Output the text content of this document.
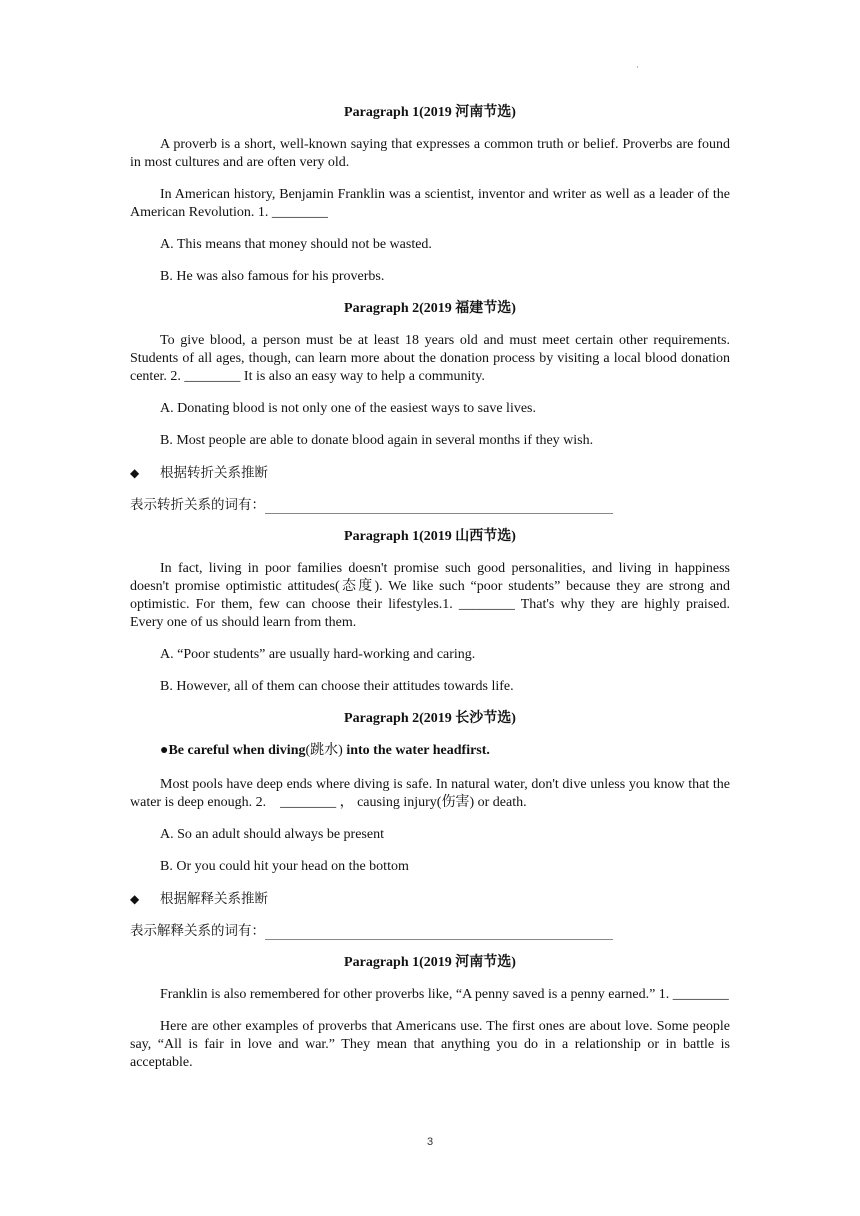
·

Paragraph 1(2019 河南节选)

A proverb is a short, well-known saying that expresses a common truth or belief. Proverbs are found in most cultures and are often very old.

In American history, Benjamin Franklin was a scientist, inventor and writer as well as a leader of the American Revolution. 1. ________

A. This means that money should not be wasted.

B. He was also famous for his proverbs.

Paragraph 2(2019 福建节选)

To give blood, a person must be at least 18 years old and must meet certain other requirements. Students of all ages, though, can learn more about the donation process by visiting a local blood donation center. 2. ________ It is also an easy way to help a community.

A. Donating blood is not only one of the easiest ways to save lives.

B. Most people are able to donate blood again in several months if they wish.

◆ 根据转折关系推断

表示转折关系的词有：

Paragraph 1(2019 山西节选)

In fact, living in poor families doesn't promise such good personalities, and living in happiness doesn't promise optimistic attitudes(态度). We like such “poor students” because they are strong and optimistic. For them, few can choose their lifestyles.1. ________ That's why they are highly praised. Every one of us should learn from them.

A. “Poor students” are usually hard-working and caring.

B. However, all of them can choose their attitudes towards life.

Paragraph 2(2019 长沙节选)

●Be careful when diving(跳水) into the water headfirst.

Most pools have deep ends where diving is safe. In natural water, don't dive unless you know that the water is deep enough. 2.　________ ， causing injury(伤害) or death.

A. So an adult should always be present

B. Or you could hit your head on the bottom

◆ 根据解释关系推断

表示解释关系的词有：

Paragraph 1(2019 河南节选)

Franklin is also remembered for other proverbs like, “A penny saved is a penny earned.” 1. ________

Here are other examples of proverbs that Americans use. The first ones are about love. Some people say, “All is fair in love and war.” They mean that anything you do in a relationship or in battle is acceptable.

3
